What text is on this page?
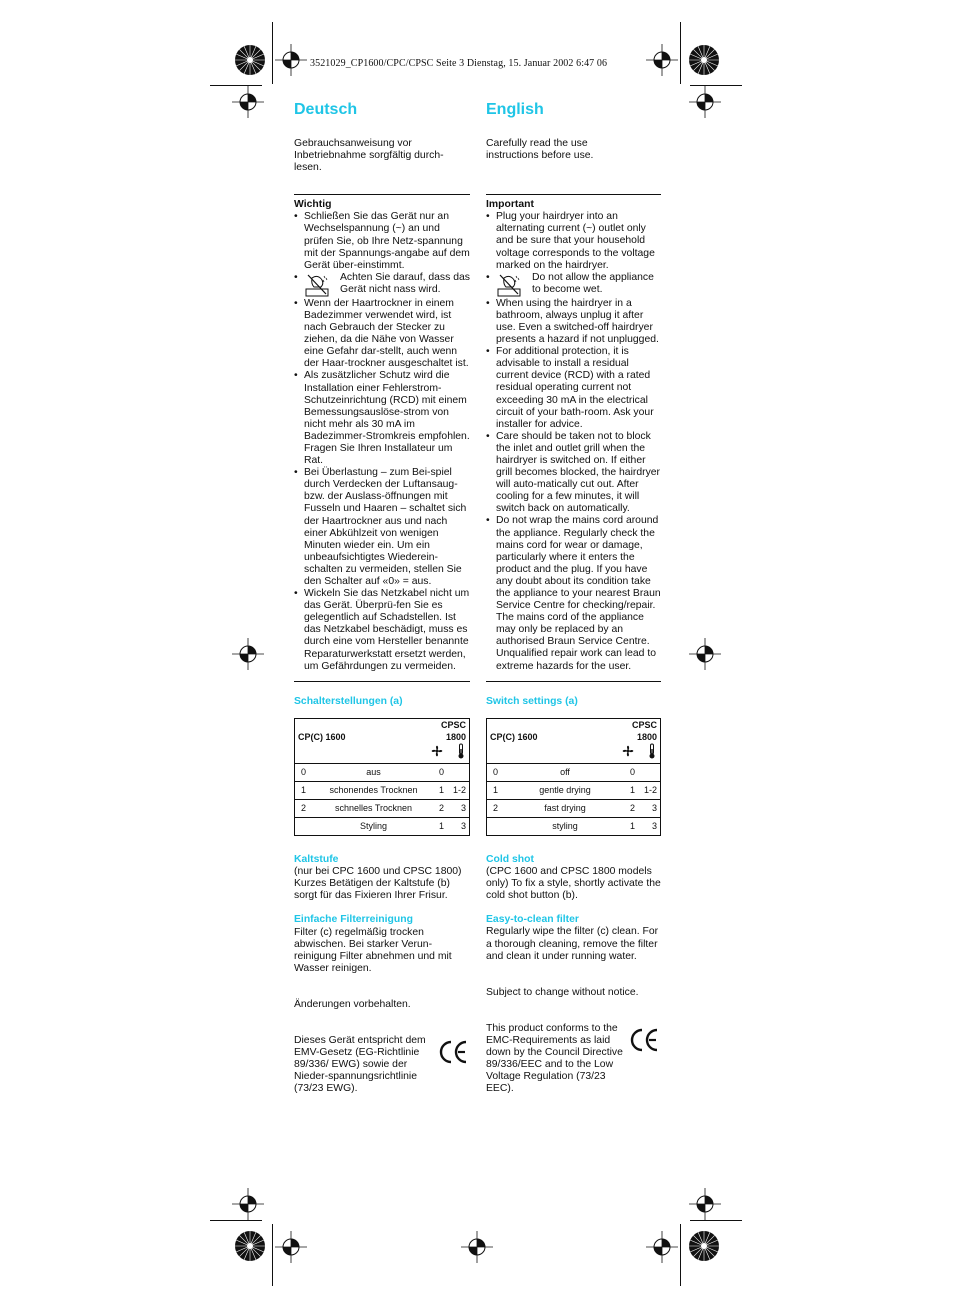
3521029_CP1600/CPC/CPSC Seite 3 Dienstag, 15. Januar 2002 6:47 06
Deutsch

Gebrauchsanweisung vor Inbetriebnahme sorgfältig durch-lesen.

Wichtig
• Schließen Sie das Gerät nur an Wechselspannung (~) an und prüfen Sie, ob Ihre Netz-spannung mit der Spannungs-angabe auf dem Gerät über-einstimmt.
• Achten Sie darauf, dass das Gerät nicht nass wird.
• Wenn der Haartrockner in einem Badezimmer verwendet wird, ist nach Gebrauch der Stecker zu ziehen, da die Nähe von Wasser eine Gefahr dar-stellt, auch wenn der Haar-trockner ausgeschaltet ist.
• Als zusätzlicher Schutz wird die Installation einer Fehlerstrom-Schutzeinrichtung (RCD) mit einem Bemessungsauslöse-strom von nicht mehr als 30 mA im Badezimmer-Stromkreis empfohlen. Fragen Sie Ihren Installateur um Rat.
• Bei Überlastung – zum Bei-spiel durch Verdecken der Luftansaug- bzw. der Auslass-öffnungen mit Fusseln und Haaren – schaltet sich der Haartrockner aus und nach einer Abkühlzeit von wenigen Minuten wieder ein. Um ein unbeaufsichtigtes Wiederein-schalten zu vermeiden, stellen Sie den Schalter auf «0» = aus.
• Wickeln Sie das Netzkabel nicht um das Gerät. Überprü-fen Sie es gelegentlich auf Schadstellen. Ist das Netzkabel beschädigt, muss es durch eine vom Hersteller benannte Reparaturwerkstatt ersetzt werden, um Gefährdungen zu vermeiden.
Schalterstellungen (a)
CP(C) 1600		CPSC 1800	

0	aus	0	
1	schonendes Trocknen	1	1-2
2	schnelles Trocknen	2	3
	Styling	1	3
Kaltstufe
(nur bei CPC 1600 und CPSC 1800) Kurzes Betätigen der Kaltstufe (b) sorgt für das Fixieren Ihrer Frisur.
Einfache Filterreinigung
Filter (c) regelmäßig trocken abwischen. Bei starker Verun-reinigung Filter abnehmen und mit Wasser reinigen.
Änderungen vorbehalten.
Dieses Gerät entspricht dem EMV-Gesetz (EG-Richtlinie 89/336/ EWG) sowie der Nieder-spannungsrichtlinie (73/23 EWG).
English

Carefully read the use instructions before use.

Important
• Plug your hairdryer into an alternating current (~) outlet only and be sure that your household voltage corresponds to the voltage marked on the hairdryer.
• Do not allow the appliance to become wet.
• When using the hairdryer in a bathroom, always unplug it after use. Even a switched-off hairdryer presents a hazard if not unplugged.
• For additional protection, it is advisable to install a residual current device (RCD) with a rated residual operating current not exceeding 30 mA in the electrical circuit of your bath-room. Ask your installer for advice.
• Care should be taken not to block the inlet and outlet grill when the hairdryer is switched on. If either grill becomes blocked, the hairdryer will auto-matically cut out. After cooling for a few minutes, it will switch back on automatically.
• Do not wrap the mains cord around the appliance. Regularly check the mains cord for wear or damage, particularly where it enters the product and the plug. If you have any doubt about its condition take the appliance to your nearest Braun Service Centre for checking/repair. The mains cord of the appliance may only be replaced by an authorised Braun Service Centre. Unqualified repair work can lead to extreme hazards for the user.
Switch settings (a)
CP(C) 1600		CPSC 1800	

0	off	0	
1	gentle drying	1	1-2
2	fast drying	2	3
	styling	1	3
Cold shot
(CPC 1600 and CPSC 1800 models only) To fix a style, shortly activate the cold shot button (b).
Easy-to-clean filter
Regularly wipe the filter (c) clean. For a thorough cleaning, remove the filter and clean it under running water.
Subject to change without notice.
This product conforms to the EMC-Requirements as laid down by the Council Directive 89/336/EEC and to the Low Voltage Regulation (73/23 EEC).
